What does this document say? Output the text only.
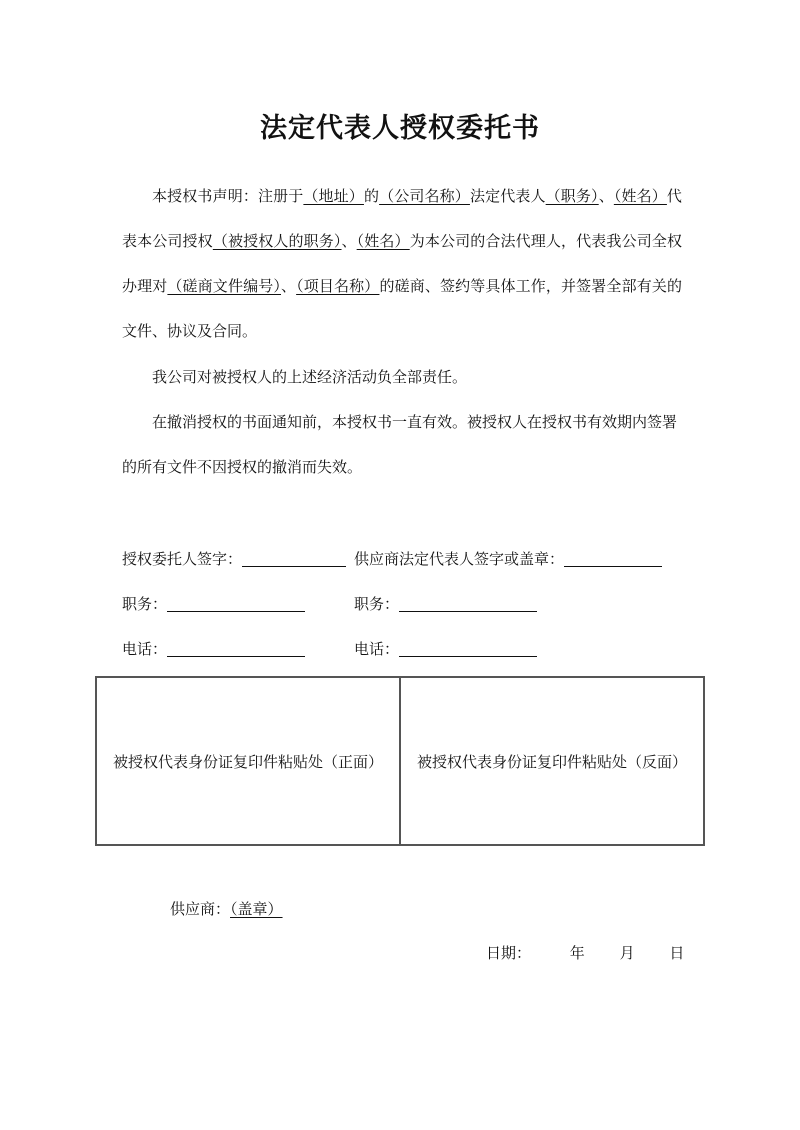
法定代表人授权委托书
本授权书声明：注册于（地址）的（公司名称）法定代表人（职务）、（姓名）代表本公司授权（被授权人的职务）、（姓名）为本公司的合法代理人，代表我公司全权办理对（磋商文件编号）、（项目名称）的磋商、签约等具体工作，并签署全部有关的文件、协议及合同。
我公司对被授权人的上述经济活动负全部责任。
在撤消授权的书面通知前，本授权书一直有效。被授权人在授权书有效期内签署的所有文件不因授权的撤消而失效。
授权委托人签字：	供应商法定代表人签字或盖章：
职务：	职务：
电话：	电话：
被授权代表身份证复印件粘贴处（正面） 被授权代表身份证复印件粘贴处（反面）
供应商：（盖章）
日期：	年 月 日
